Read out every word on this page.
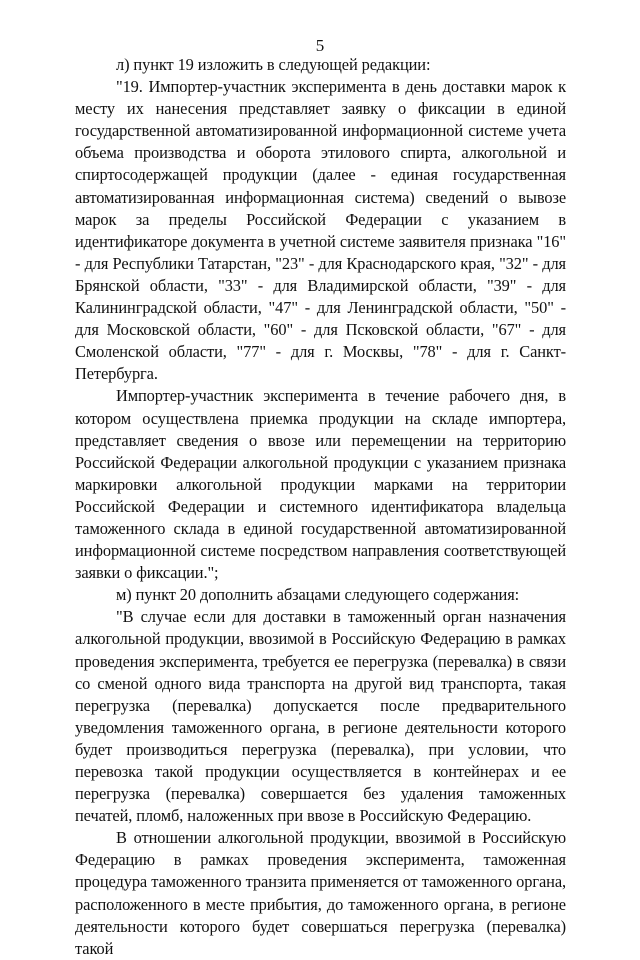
5

л) пункт 19 изложить в следующей редакции:

"19. Импортер-участник эксперимента в день доставки марок к месту их нанесения представляет заявку о фиксации в единой государственной автоматизированной информационной системе учета объема производства и оборота этилового спирта, алкогольной и спиртосодержащей продукции (далее - единая государственная автоматизированная информационная система) сведений о вывозе марок за пределы Российской Федерации с указанием в идентификаторе документа в учетной системе заявителя признака "16" - для Республики Татарстан, "23" - для Краснодарского края, "32" - для Брянской области, "33" - для Владимирской области, "39" - для Калининградской области, "47" - для Ленинградской области, "50" - для Московской области, "60" - для Псковской области, "67" - для Смоленской области, "77" - для г. Москвы, "78" - для г. Санкт-Петербурга.

Импортер-участник эксперимента в течение рабочего дня, в котором осуществлена приемка продукции на складе импортера, представляет сведения о ввозе или перемещении на территорию Российской Федерации алкогольной продукции с указанием признака маркировки алкогольной продукции марками на территории Российской Федерации и системного идентификатора владельца таможенного склада в единой государственной автоматизированной информационной системе посредством направления соответствующей заявки о фиксации.";

м) пункт 20 дополнить абзацами следующего содержания:

"В случае если для доставки в таможенный орган назначения алкогольной продукции, ввозимой в Российскую Федерацию в рамках проведения эксперимента, требуется ее перегрузка (перевалка) в связи со сменой одного вида транспорта на другой вид транспорта, такая перегрузка (перевалка) допускается после предварительного уведомления таможенного органа, в регионе деятельности которого будет производиться перегрузка (перевалка), при условии, что перевозка такой продукции осуществляется в контейнерах и ее перегрузка (перевалка) совершается без удаления таможенных печатей, пломб, наложенных при ввозе в Российскую Федерацию.

В отношении алкогольной продукции, ввозимой в Российскую Федерацию в рамках проведения эксперимента, таможенная процедура таможенного транзита применяется от таможенного органа, расположенного в месте прибытия, до таможенного органа, в регионе деятельности которого будет совершаться перегрузка (перевалка) такой
